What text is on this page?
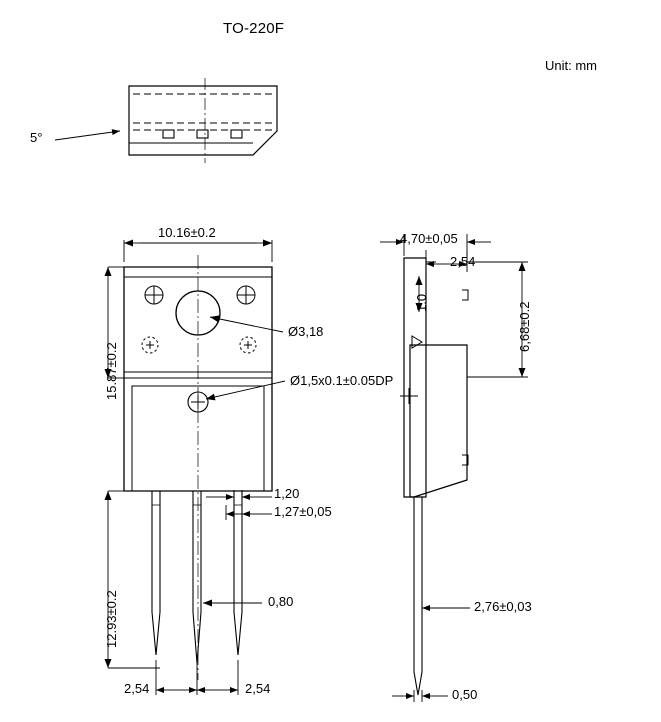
TO-220F
Unit: mm
5°
10.16±0.2
Ø3,18
15.87±0.2	Ø1,5x0.1±0.05DP
1,20
1,27±0,05
12.93±0.2	0,80
2,54	2,54
4,70±0,05
2,54
1.0	6,68±0.2
2,76±0,03
0,50
